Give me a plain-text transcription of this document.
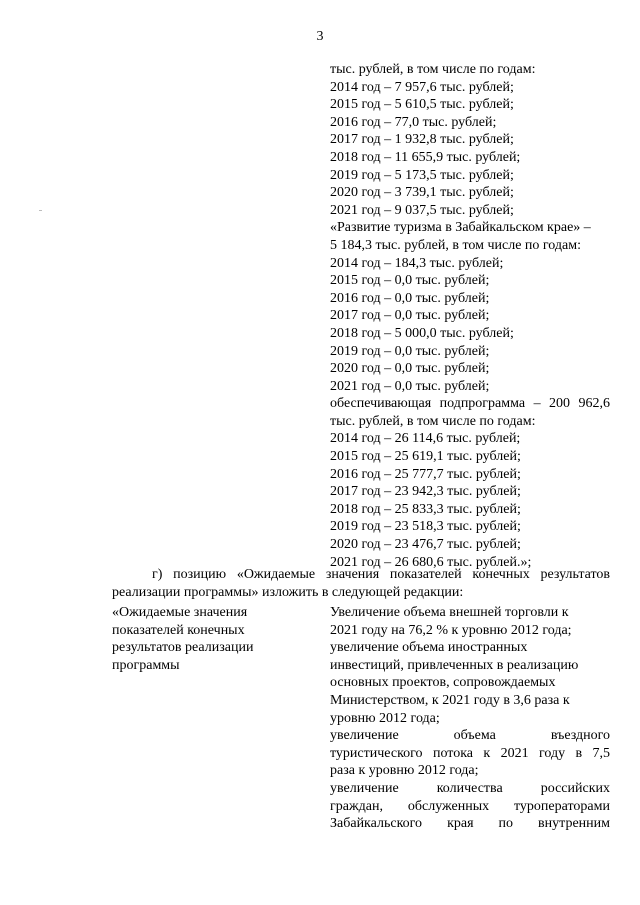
3
тыс. рублей, в том числе по годам:
2014 год – 7 957,6 тыс. рублей;
2015 год – 5 610,5 тыс. рублей;
2016 год – 77,0 тыс. рублей;
2017 год – 1 932,8 тыс. рублей;
2018 год – 11 655,9 тыс. рублей;
2019 год – 5 173,5 тыс. рублей;
2020 год – 3 739,1 тыс. рублей;
2021 год – 9 037,5 тыс. рублей;
«Развитие туризма в Забайкальском крае» –
5 184,3 тыс. рублей, в том числе по годам:
2014 год – 184,3 тыс. рублей;
2015 год – 0,0 тыс. рублей;
2016 год – 0,0 тыс. рублей;
2017 год – 0,0 тыс. рублей;
2018 год – 5 000,0 тыс. рублей;
2019 год – 0,0 тыс. рублей;
2020 год – 0,0 тыс. рублей;
2021 год – 0,0 тыс. рублей;
обеспечивающая подпрограмма – 200 962,6
тыс. рублей, в том числе по годам:
2014 год – 26 114,6 тыс. рублей;
2015 год – 25 619,1 тыс. рублей;
2016 год – 25 777,7 тыс. рублей;
2017 год – 23 942,3 тыс. рублей;
2018 год – 25 833,3 тыс. рублей;
2019 год – 23 518,3 тыс. рублей;
2020 год – 23 476,7 тыс. рублей;
2021 год – 26 680,6 тыс. рублей.»;
г) позицию «Ожидаемые значения показателей конечных результатов
реализации программы» изложить в следующей редакции:
«Ожидаемые значения
показателей конечных
результатов реализации
программы
Увеличение объема внешней торговли к
2021 году на 76,2 % к уровню 2012 года;
увеличение объема иностранных
инвестиций, привлеченных в реализацию
основных проектов, сопровождаемых
Министерством, к 2021 году в 3,6 раза к
уровню 2012 года;
увеличение объема въездного
туристического потока к 2021 году в 7,5
раза к уровню 2012 года;
увеличение количества российских
граждан, обслуженных туроператорами
Забайкальского края по внутренним
